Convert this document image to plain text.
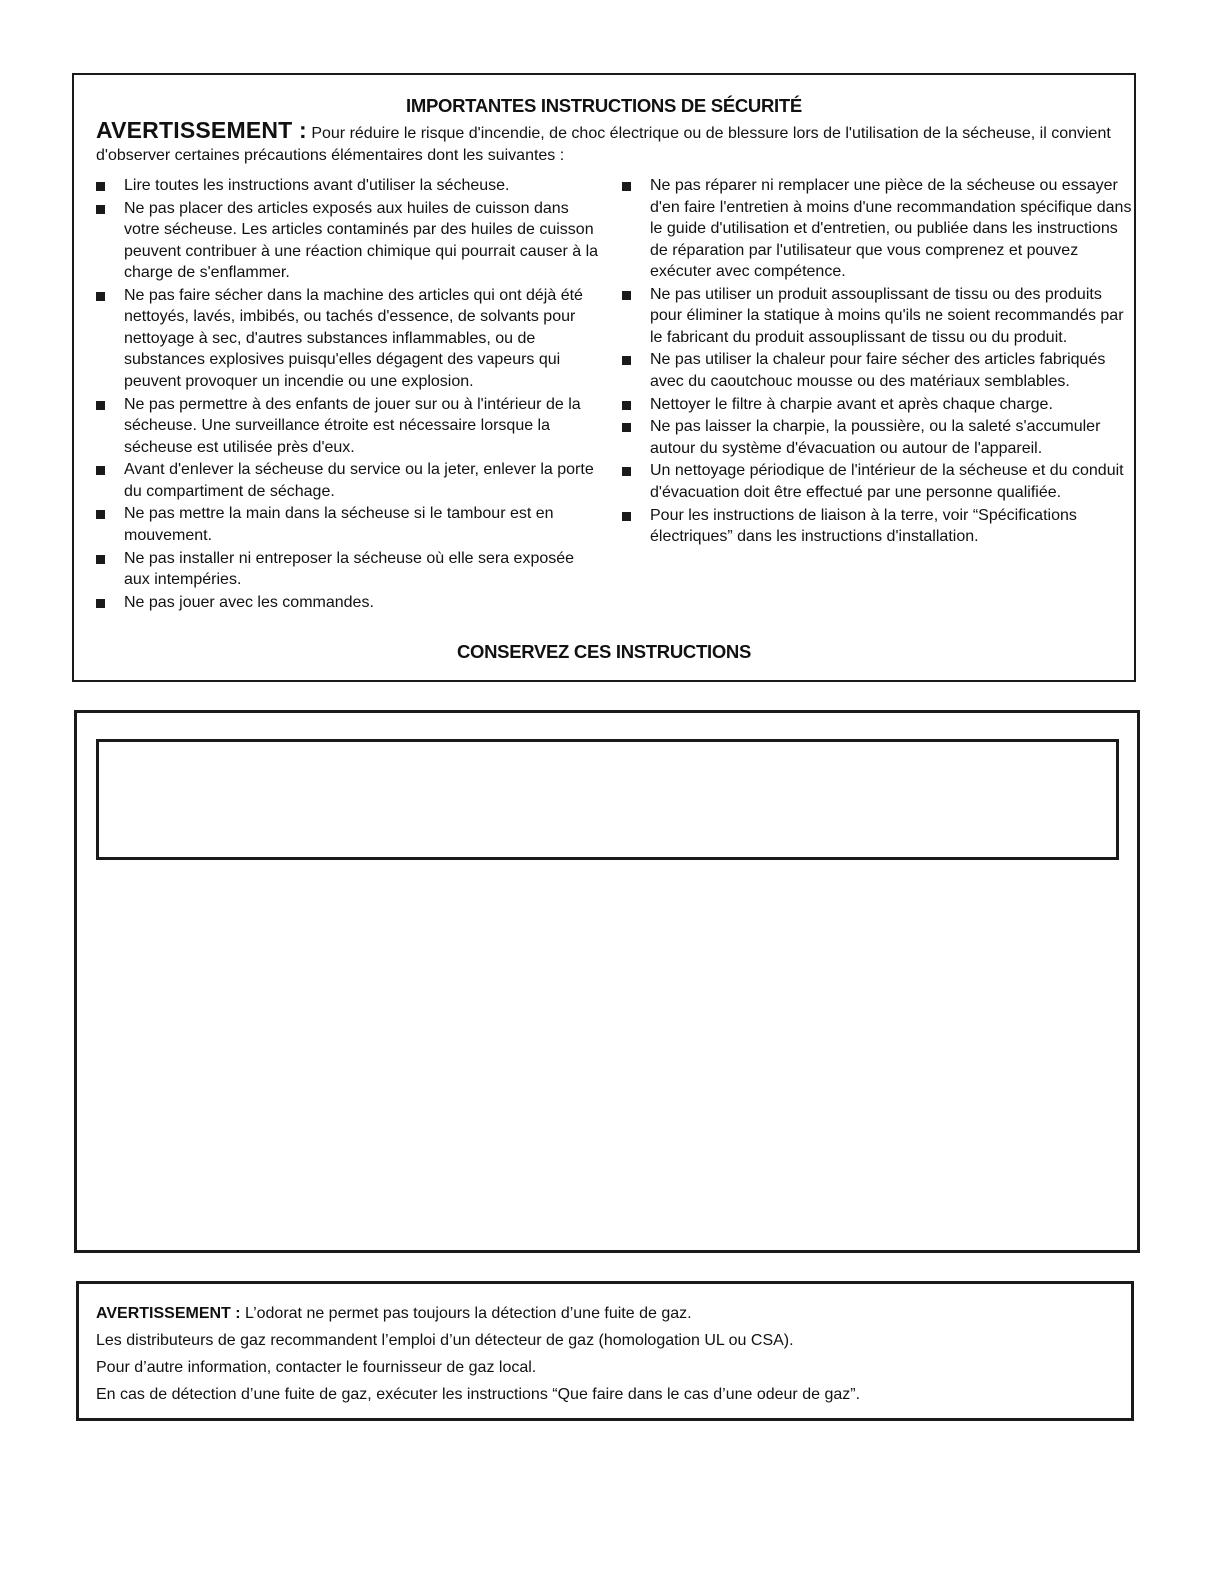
IMPORTANTES INSTRUCTIONS DE SÉCURITÉ
AVERTISSEMENT : Pour réduire le risque d'incendie, de choc électrique ou de blessure lors de l'utilisation de la sécheuse, il convient d'observer certaines précautions élémentaires dont les suivantes :
Lire toutes les instructions avant d'utiliser la sécheuse.
Ne pas placer des articles exposés aux huiles de cuisson dans votre sécheuse. Les articles contaminés par des huiles de cuisson peuvent contribuer à une réaction chimique qui pourrait causer à la charge de s'enflammer.
Ne pas faire sécher dans la machine des articles qui ont déjà été nettoyés, lavés, imbibés, ou tachés d'essence, de solvants pour nettoyage à sec, d'autres substances inflammables, ou de substances explosives puisqu'elles dégagent des vapeurs qui peuvent provoquer un incendie ou une explosion.
Ne pas permettre à des enfants de jouer sur ou à l'intérieur de la sécheuse. Une surveillance étroite est nécessaire lorsque la sécheuse est utilisée près d'eux.
Avant d'enlever la sécheuse du service ou la jeter, enlever la porte du compartiment de séchage.
Ne pas mettre la main dans la sécheuse si le tambour est en mouvement.
Ne pas installer ni entreposer la sécheuse où elle sera exposée aux intempéries.
Ne pas jouer avec les commandes.
Ne pas réparer ni remplacer une pièce de la sécheuse ou essayer d'en faire l'entretien à moins d'une recommandation spécifique dans le guide d'utilisation et d'entretien, ou publiée dans les instructions de réparation par l'utilisateur que vous comprenez et pouvez exécuter avec compétence.
Ne pas utiliser un produit assouplissant de tissu ou des produits pour éliminer la statique à moins qu'ils ne soient recommandés par le fabricant du produit assouplissant de tissu ou du produit.
Ne pas utiliser la chaleur pour faire sécher des articles fabriqués avec du caoutchouc mousse ou des matériaux semblables.
Nettoyer le filtre à charpie avant et après chaque charge.
Ne pas laisser la charpie, la poussière, ou la saleté s'accumuler autour du système d'évacuation ou autour de l'appareil.
Un nettoyage périodique de l'intérieur de la sécheuse et du conduit d'évacuation doit être effectué par une personne qualifiée.
Pour les instructions de liaison à la terre, voir “Spécifications électriques” dans les instructions d'installation.
CONSERVEZ CES INSTRUCTIONS
AVERTISSEMENT : L’odorat ne permet pas toujours la détection d’une fuite de gaz.
Les distributeurs de gaz recommandent l’emploi d’un détecteur de gaz (homologation UL ou CSA).
Pour d’autre information, contacter le fournisseur de gaz local.
En cas de détection d’une fuite de gaz, exécuter les instructions “Que faire dans le cas d’une odeur de gaz”.
